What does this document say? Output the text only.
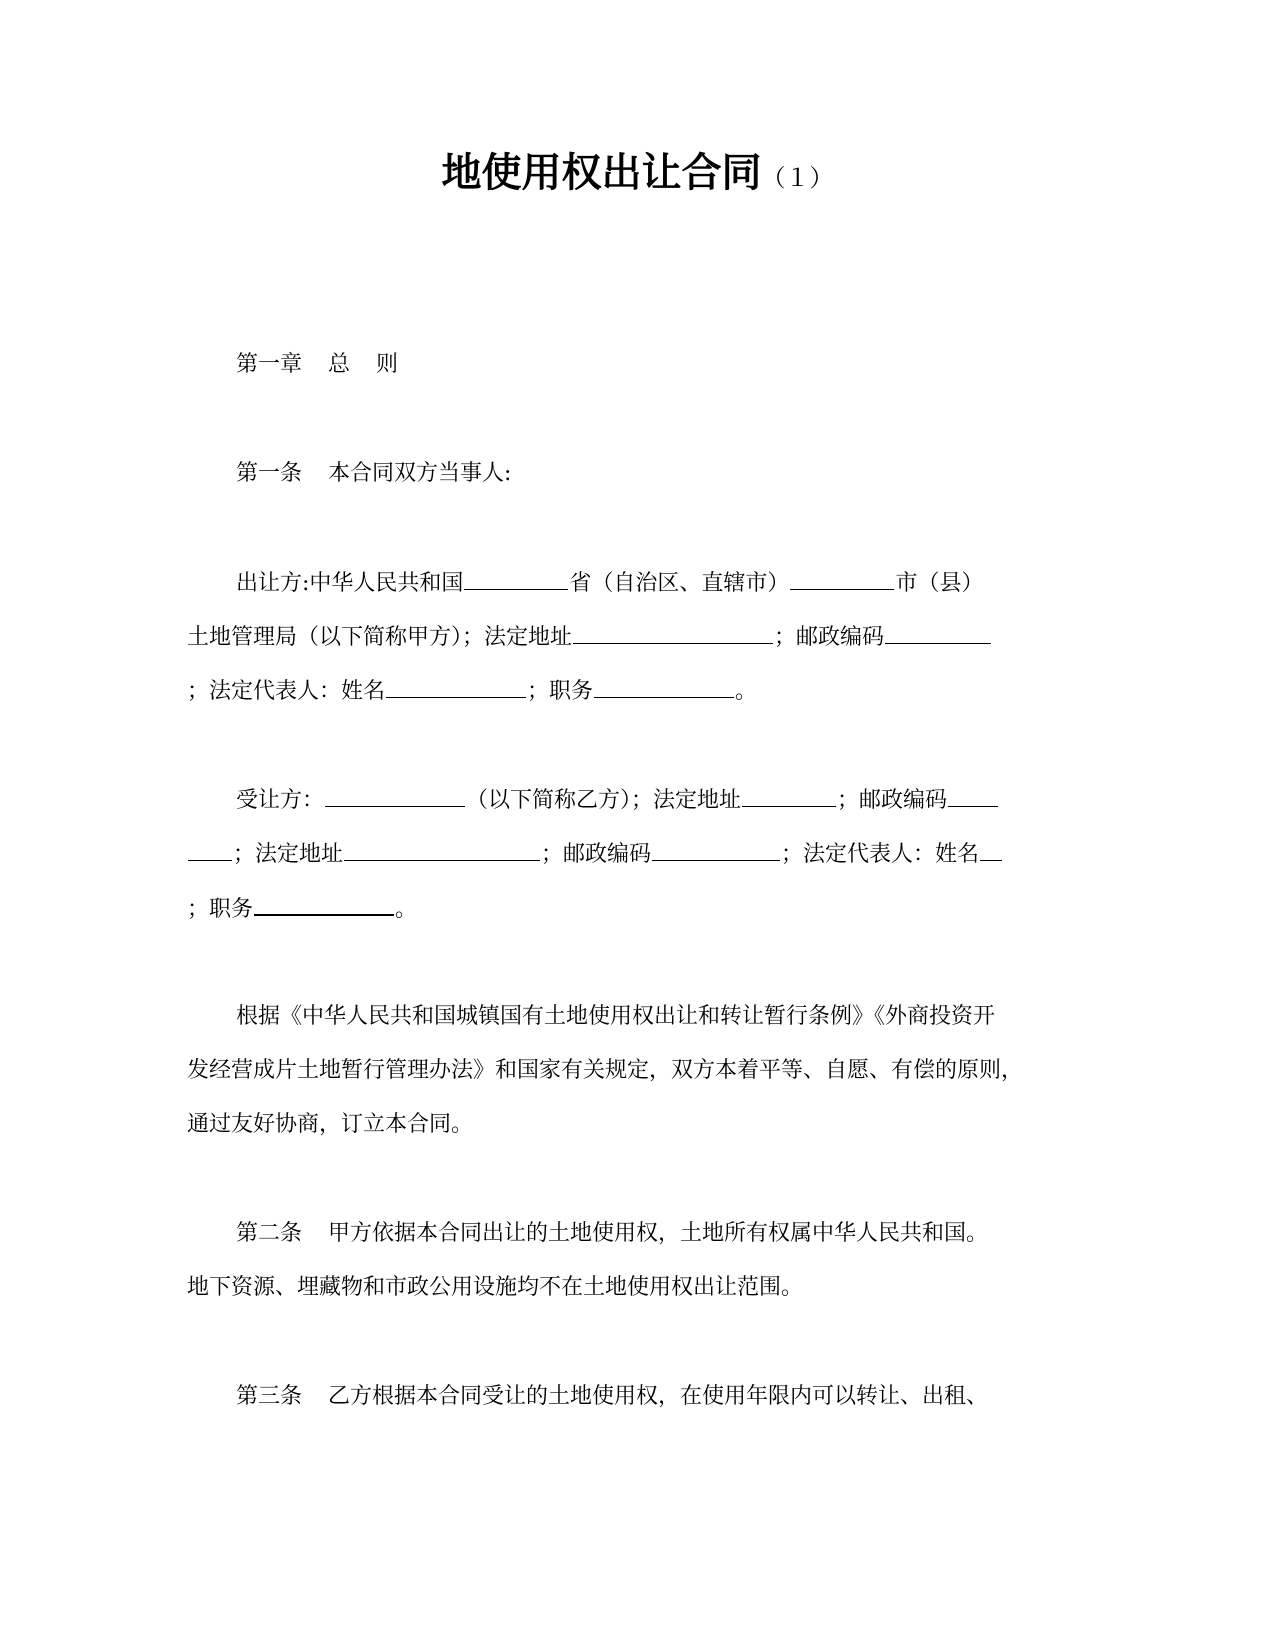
地使用权出让合同（１）
第一章 总 则
第一条 本合同双方当事人:
出让方:中华人民共和国	省（自治区、直辖市）	市（县）
土地管理局（以下简称甲方）；法定地址	；邮政编码
；法定代表人：姓名	；职务	。
受让方：	（以下简称乙方）；法定地址	；邮政编码
；法定地址	；邮政编码	；法定代表人：姓名
；职务	。
根据《中华人民共和国城镇国有土地使用权出让和转让暂行条例》《外商投资开
发经营成片土地暂行管理办法》和国家有关规定，双方本着平等、自愿、有偿的原则，
通过友好协商，订立本合同。
第二条 甲方依据本合同出让的土地使用权，土地所有权属中华人民共和国。
地下资源、埋藏物和市政公用设施均不在土地使用权出让范围。
第三条 乙方根据本合同受让的土地使用权，在使用年限内可以转让、出租、
